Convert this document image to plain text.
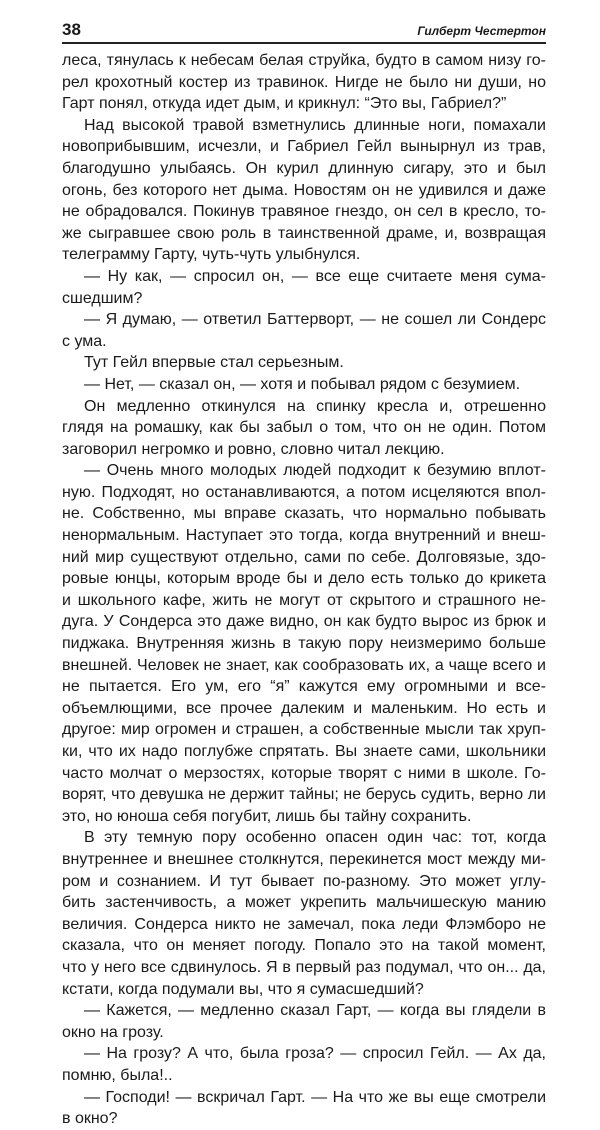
38	Гилберт Честертон
леса, тянулась к небесам белая струйка, будто в самом низу го-
рел крохотный костер из травинок. Нигде не было ни души, но
Гарт понял, откуда идет дым, и крикнул: “Это вы, Габриел?”
Над высокой травой взметнулись длинные ноги, помахали
новоприбывшим, исчезли, и Габриел Гейл вынырнул из трав,
благодушно улыбаясь. Он курил длинную сигару, это и был
огонь, без которого нет дыма. Новостям он не удивился и даже
не обрадовался. Покинув травяное гнездо, он сел в кресло, то-
же сыгравшее свою роль в таинственной драме, и, возвращая
телеграмму Гарту, чуть-чуть улыбнулся.
— Ну как, — спросил он, — все еще считаете меня сума-
сшедшим?
— Я думаю, — ответил Баттерворт, — не сошел ли Сондерс
с ума.
Тут Гейл впервые стал серьезным.
— Нет, — сказал он, — хотя и побывал рядом с безумием.
Он медленно откинулся на спинку кресла и, отрешенно
глядя на ромашку, как бы забыл о том, что он не один. Потом
заговорил негромко и ровно, словно читал лекцию.
— Очень много молодых людей подходит к безумию вплот-
ную. Подходят, но останавливаются, а потом исцеляются впол-
не. Собственно, мы вправе сказать, что нормально побывать
ненормальным. Наступает это тогда, когда внутренний и внеш-
ний мир существуют отдельно, сами по себе. Долговязые, здо-
ровые юнцы, которым вроде бы и дело есть только до крикета
и школьного кафе, жить не могут от скрытого и страшного не-
дуга. У Сондерса это даже видно, он как будто вырос из брюк и
пиджака. Внутренняя жизнь в такую пору неизмеримо больше
внешней. Человек не знает, как сообразовать их, а чаще всего и
не пытается. Его ум, его “я” кажутся ему огромными и все-
объемлющими, все прочее далеким и маленьким. Но есть и
другое: мир огромен и страшен, а собственные мысли так хруп-
ки, что их надо поглубже спрятать. Вы знаете сами, школьники
часто молчат о мерзостях, которые творят с ними в школе. Го-
ворят, что девушка не держит тайны; не берусь судить, верно ли
это, но юноша себя погубит, лишь бы тайну сохранить.
В эту темную пору особенно опасен один час: тот, когда
внутреннее и внешнее столкнутся, перекинется мост между ми-
ром и сознанием. И тут бывает по-разному. Это может углу-
бить застенчивость, а может укрепить мальчишескую манию
величия. Сондерса никто не замечал, пока леди Флэмборо не
сказала, что он меняет погоду. Попало это на такой момент,
что у него все сдвинулось. Я в первый раз подумал, что он... да,
кстати, когда подумали вы, что я сумасшедший?
— Кажется, — медленно сказал Гарт, — когда вы глядели в
окно на грозу.
— На грозу? А что, была гроза? — спросил Гейл. — Ах да,
помню, была!..
— Господи! — вскричал Гарт. — На что же вы еще смотрели
в окно?
